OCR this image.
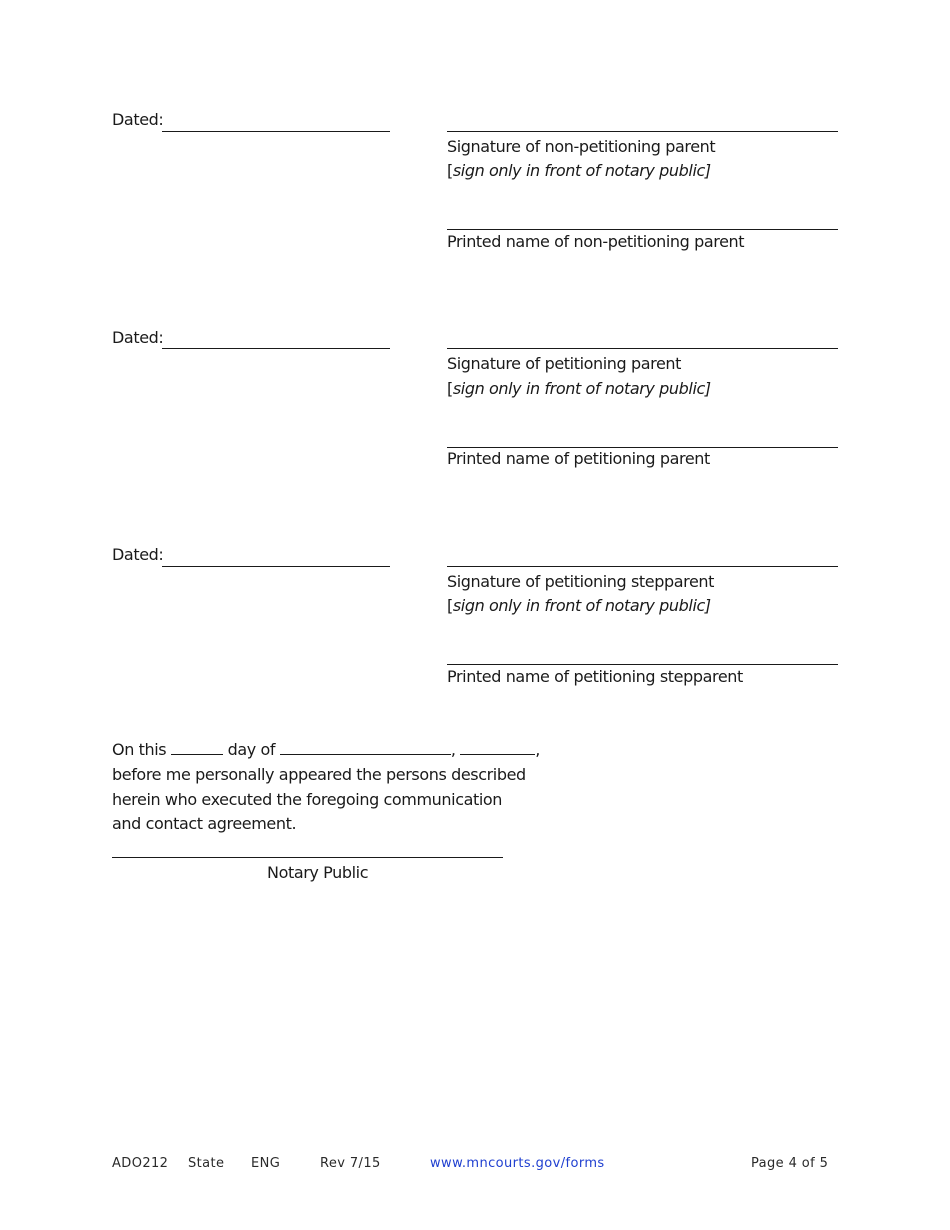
Dated:
Signature of non-petitioning parent
[sign only in front of notary public]
Printed name of non-petitioning parent
Dated:
Signature of petitioning parent
[sign only in front of notary public]
Printed name of petitioning parent
Dated:
Signature of petitioning stepparent
[sign only in front of notary public]
Printed name of petitioning stepparent
On this	day of	,	,
before me personally appeared the persons described
herein who executed the foregoing communication
and contact agreement.
Notary Public
ADO212 State ENG	Rev 7/15	www.mncourts.gov/forms	Page 4 of 5
